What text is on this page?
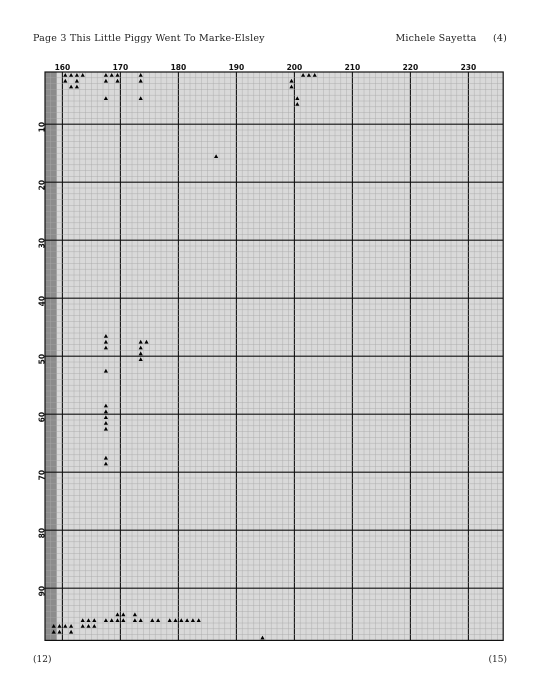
Page 3 This Little Piggy Went To Marke-Elsley	Michele Sayetta (4)
160	170	180	190	200	210	220	230
10
20
30
40
50
60
70
80
90
(12)	(15)
